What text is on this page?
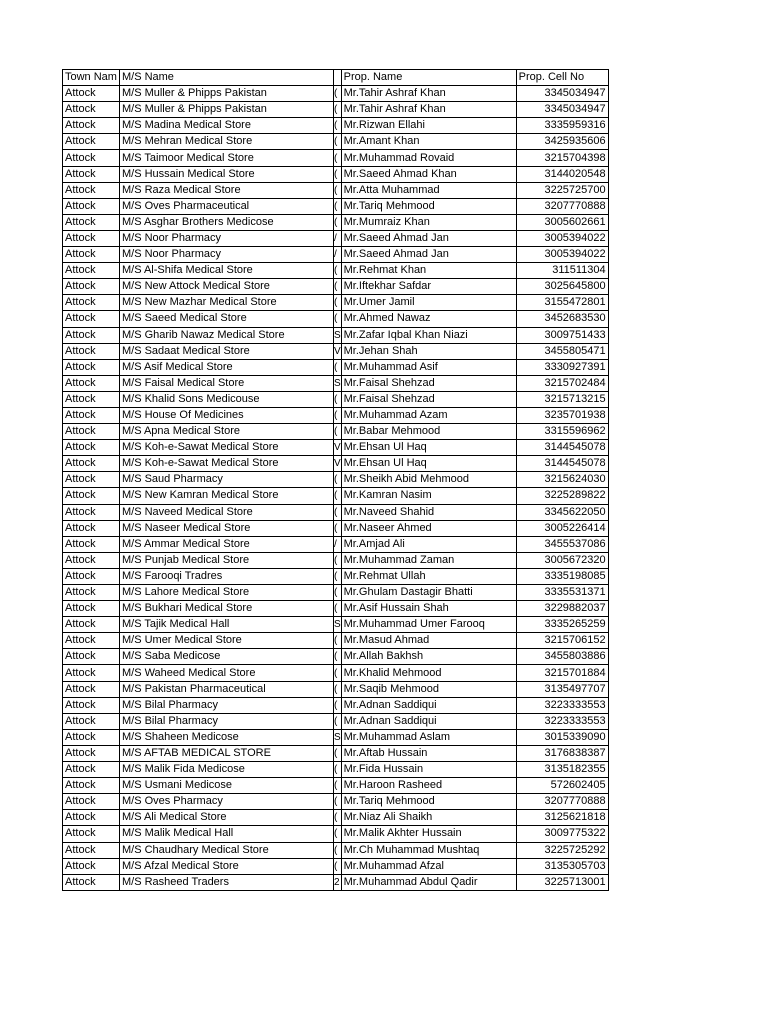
Town Nam	M/S Name		Prop. Name	Prop. Cell No
Attock	M/S Muller & Phipps Pakistan	(	Mr.Tahir Ashraf Khan	3345034947
Attock	M/S Muller & Phipps Pakistan	(	Mr.Tahir Ashraf Khan	3345034947
Attock	M/S Madina Medical Store	(	Mr.Rizwan Ellahi	3335959316
Attock	M/S Mehran Medical Store	(	Mr.Amant Khan	3425935606
Attock	M/S Taimoor Medical Store	(	Mr.Muhammad Rovaid	3215704398
Attock	M/S Hussain Medical Store	(	Mr.Saeed Ahmad Khan	3144020548
Attock	M/S Raza Medical Store	(	Mr.Atta Muhammad	3225725700
Attock	M/S Oves Pharmaceutical	(	Mr.Tariq Mehmood	3207770888
Attock	M/S Asghar Brothers Medicose	(	Mr.Mumraiz Khan	3005602661
Attock	M/S Noor Pharmacy	/	Mr.Saeed Ahmad Jan	3005394022
Attock	M/S Noor Pharmacy	/	Mr.Saeed Ahmad Jan	3005394022
Attock	M/S Al-Shifa Medical Store	(	Mr.Rehmat Khan	311511304
Attock	M/S New Attock Medical Store	(	Mr.Iftekhar Safdar	3025645800
Attock	M/S New Mazhar Medical Store	(	Mr.Umer Jamil	3155472801
Attock	M/S Saeed Medical Store	(	Mr.Ahmed Nawaz	3452683530
Attock	M/S Gharib Nawaz Medical Store	S	Mr.Zafar Iqbal Khan Niazi	3009751433
Attock	M/S Sadaat Medical Store	V	Mr.Jehan Shah	3455805471
Attock	M/S Asif Medical Store	(	Mr.Muhammad Asif	3330927391
Attock	M/S Faisal Medical Store	S	Mr.Faisal Shehzad	3215702484
Attock	M/S Khalid Sons Medicouse	(	Mr.Faisal Shehzad	3215713215
Attock	M/S House Of Medicines	(	Mr.Muhammad Azam	3235701938
Attock	M/S Apna Medical Store	(	Mr.Babar Mehmood	3315596962
Attock	M/S Koh-e-Sawat Medical Store	V	Mr.Ehsan Ul Haq	3144545078
Attock	M/S Koh-e-Sawat Medical Store	V	Mr.Ehsan Ul Haq	3144545078
Attock	M/S Saud Pharmacy	(	Mr.Sheikh Abid Mehmood	3215624030
Attock	M/S New Kamran Medical Store	(	Mr.Kamran Nasim	3225289822
Attock	M/S Naveed Medical Store	(	Mr.Naveed Shahid	3345622050
Attock	M/S Naseer Medical Store	(	Mr.Naseer Ahmed	3005226414
Attock	M/S Ammar Medical Store	/	Mr.Amjad Ali	3455537086
Attock	M/S Punjab Medical Store	(	Mr.Muhammad Zaman	3005672320
Attock	M/S Farooqi Tradres	(	Mr.Rehmat Ullah	3335198085
Attock	M/S Lahore Medical Store	(	Mr.Ghulam Dastagir Bhatti	3335531371
Attock	M/S Bukhari Medical Store	(	Mr.Asif Hussain Shah	3229882037
Attock	M/S Tajik Medical Hall	S	Mr.Muhammad Umer Farooq	3335265259
Attock	M/S Umer Medical Store	(	Mr.Masud Ahmad	3215706152
Attock	M/S Saba Medicose	(	Mr.Allah Bakhsh	3455803886
Attock	M/S Waheed Medical Store	(	Mr.Khalid Mehmood	3215701884
Attock	M/S Pakistan Pharmaceutical	(	Mr.Saqib Mehmood	3135497707
Attock	M/S Bilal Pharmacy	(	Mr.Adnan Saddiqui	3223333553
Attock	M/S Bilal Pharmacy	(	Mr.Adnan Saddiqui	3223333553
Attock	M/S Shaheen Medicose	S	Mr.Muhammad Aslam	3015339090
Attock	M/S AFTAB MEDICAL STORE	(	Mr.Aftab Hussain	3176838387
Attock	M/S Malik Fida Medicose	(	Mr.Fida Hussain	3135182355
Attock	M/S Usmani Medicose	(	Mr.Haroon Rasheed	572602405
Attock	M/S Oves Pharmacy	(	Mr.Tariq Mehmood	3207770888
Attock	M/S Ali Medical Store	(	Mr.Niaz Ali Shaikh	3125621818
Attock	M/S Malik Medical Hall	(	Mr.Malik Akhter Hussain	3009775322
Attock	M/S Chaudhary Medical Store	(	Mr.Ch Muhammad Mushtaq	3225725292
Attock	M/S Afzal Medical Store	(	Mr.Muhammad Afzal	3135305703
Attock	M/S Rasheed Traders	2	Mr.Muhammad Abdul Qadir	3225713001
